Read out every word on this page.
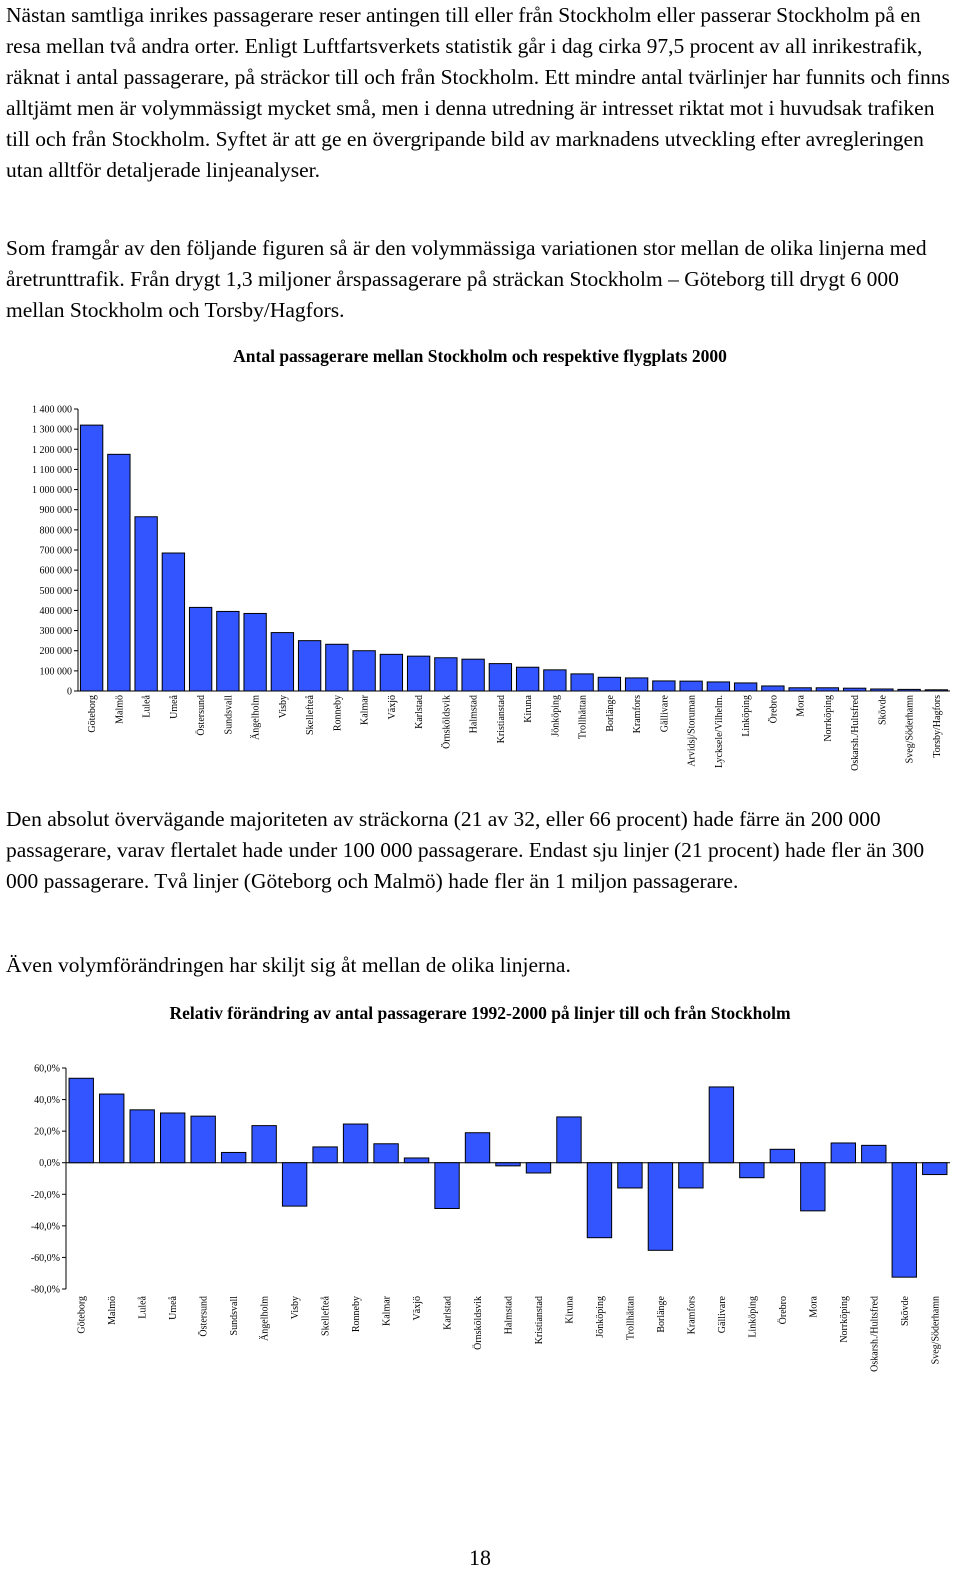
Nästan samtliga inrikes passagerare reser antingen till eller från Stockholm eller passerar Stockholm på en resa mellan två andra orter. Enligt Luftfartsverkets statistik går i dag cirka 97,5 procent av all inrikestrafik, räknat i antal passagerare, på sträckor till och från Stockholm. Ett mindre antal tvärlinjer har funnits och finns alltjämt men är volymmässigt mycket små, men i denna utredning är intresset riktat mot i huvudsak trafiken till och från Stockholm. Syftet är att ge en övergripande bild av marknadens utveckling efter avregleringen utan alltför detaljerade linjeanalyser.

Som framgår av den följande figuren så är den volymmässiga variationen stor mellan de olika linjerna med åretrunttrafik. Från drygt 1,3 miljoner årspassagerare på sträckan Stockholm – Göteborg till drygt 6 000 mellan Stockholm och Torsby/Hagfors.

Antal passagerare mellan Stockholm och respektive flygplats 2000

0
100 000
200 000
300 000
400 000
500 000
600 000
700 000
800 000
900 000
1 000 000
1 100 000
1 200 000
1 300 000
1 400 000
Göteborg Malmö Luleå Umeå Östersund Sundsvall Ängelholm Visby Skellefteå Ronneby Kalmar Växjö Karlstad Örnsköldsvik Halmstad Kristianstad Kiruna Jönköping Trollhättan Borlänge Kramfors Gällivare Arvidsj/Storuman Lycksele/Vilhelm. Linköping Örebro Mora Norrköping Oskarsh./Hultsfred Skövde Sveg/Söderhamn Torsby/Hagfors

Den absolut övervägande majoriteten av sträckorna (21 av 32, eller 66 procent) hade färre än 200 000 passagerare, varav flertalet hade under 100 000 passagerare. Endast sju linjer (21 procent) hade fler än 300 000 passagerare. Två linjer (Göteborg och Malmö) hade fler än 1 miljon passagerare.

Även volymförändringen har skiljt sig åt mellan de olika linjerna.

Relativ förändring av antal passagerare 1992-2000 på linjer till och från Stockholm

60,0%
40,0%
20,0%
0,0%
-20,0%
-40,0%
-60,0%
-80,0%
Göteborg Malmö Luleå Umeå Östersund Sundsvall Ängelholm Visby Skellefteå Ronneby Kalmar Växjö Karlstad Örnsköldsvik Halmstad Kristianstad Kiruna Jönköping Trollhättan Borlänge Kramfors Gällivare Linköping Örebro Mora Norrköping Oskarsh./Hultsfred Skövde Sveg/Söderhamn
18
